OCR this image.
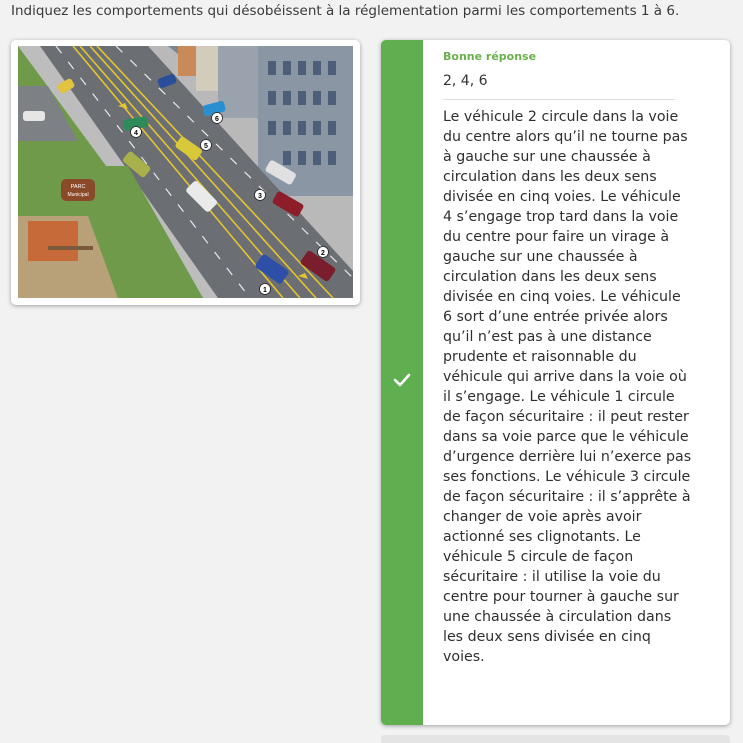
Indiquez les comportements qui désobéissent à la réglementation parmi les comportements 1 à 6.
PARC
Municipal
1
2
3
4
5
6
Bonne réponse
2, 4, 6
Le véhicule 2 circule dans la voie du centre alors qu’il ne tourne pas à gauche sur une chaussée à circulation dans les deux sens divisée en cinq voies. Le véhicule 4 s’engage trop tard dans la voie du centre pour faire un virage à gauche sur une chaussée à circulation dans les deux sens divisée en cinq voies. Le véhicule 6 sort d’une entrée privée alors qu’il n’est pas à une distance prudente et raisonnable du véhicule qui arrive dans la voie où il s’engage. Le véhicule 1 circule de façon sécuritaire : il peut rester dans sa voie parce que le véhicule d’urgence derrière lui n’exerce pas ses fonctions. Le véhicule 3 circule de façon sécuritaire : il s’apprête à changer de voie après avoir actionné ses clignotants. Le véhicule 5 circule de façon sécuritaire : il utilise la voie du centre pour tourner à gauche sur une chaussée à circulation dans les deux sens divisée en cinq voies.
